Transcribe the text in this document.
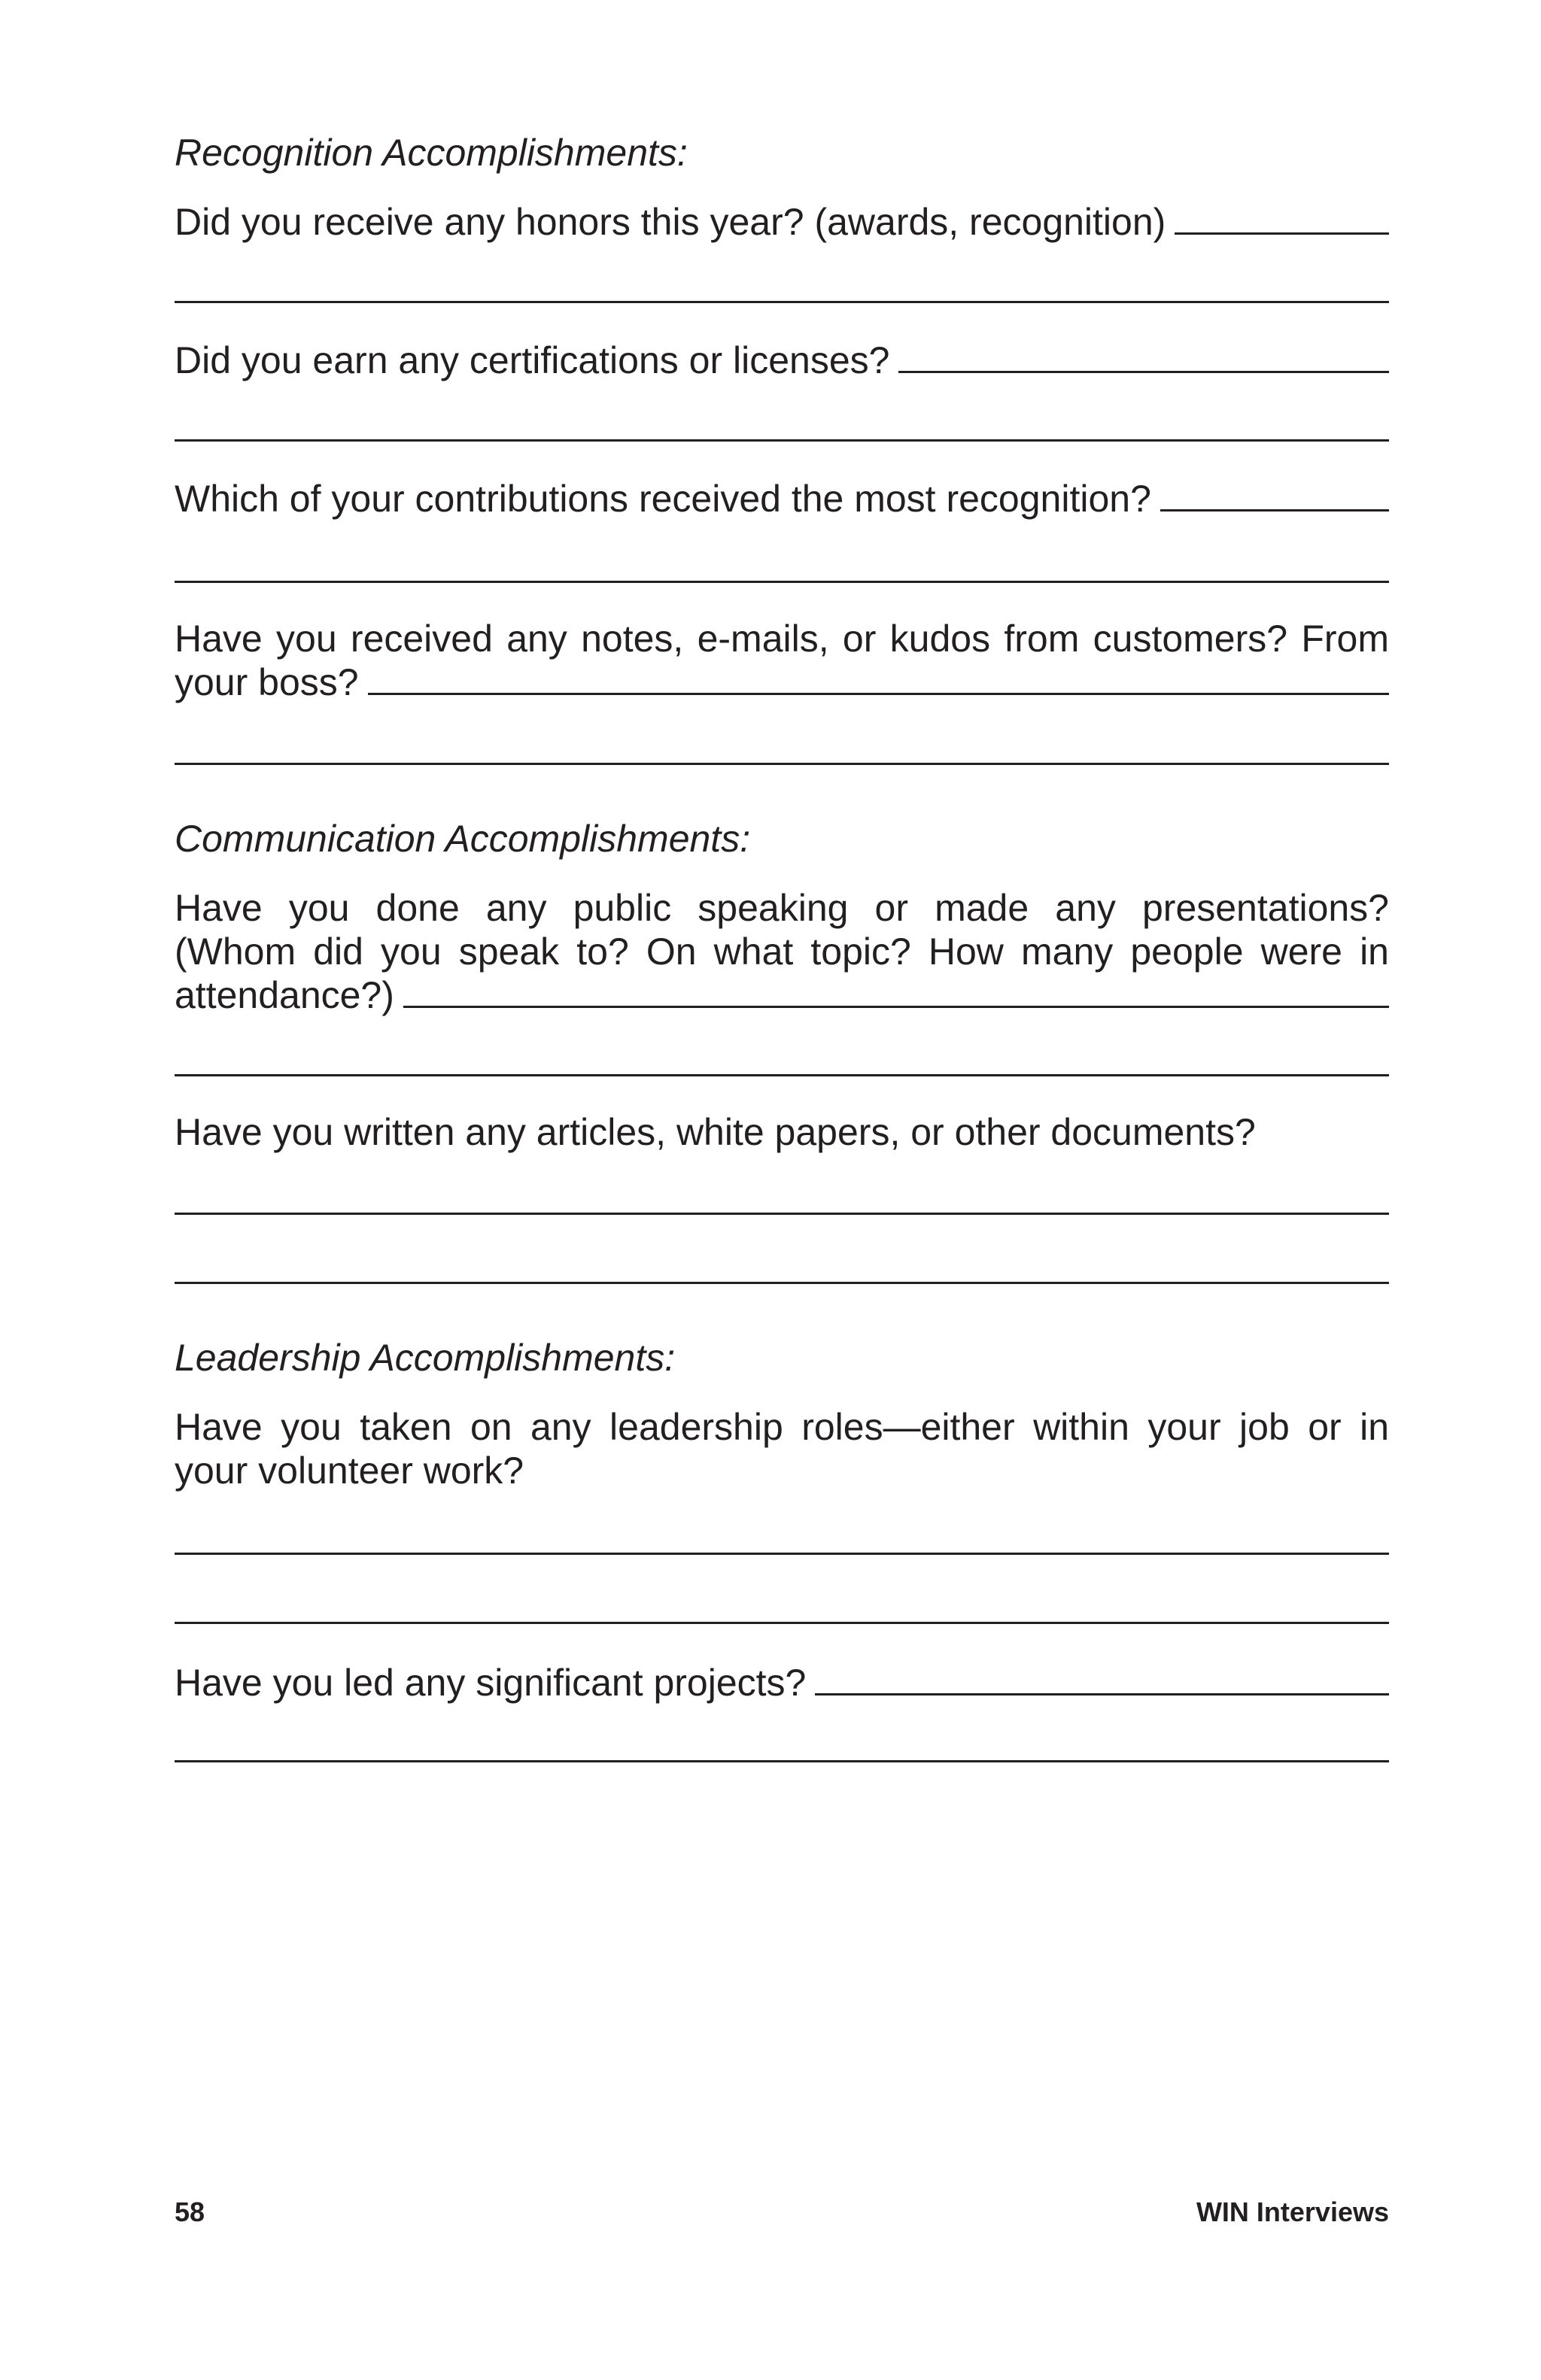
Recognition Accomplishments:
Did you receive any honors this year? (awards, recognition)
Did you earn any certifications or licenses?
Which of your contributions received the most recognition?
Have you received any notes, e-mails, or kudos from customers? From
your boss?
Communication Accomplishments:
Have you done any public speaking or made any presentations?
(Whom did you speak to? On what topic? How many people were in
attendance?)
Have you written any articles, white papers, or other documents?
Leadership Accomplishments:
Have you taken on any leadership roles—either within your job or in
your volunteer work?
Have you led any significant projects?
58	WIN Interviews
